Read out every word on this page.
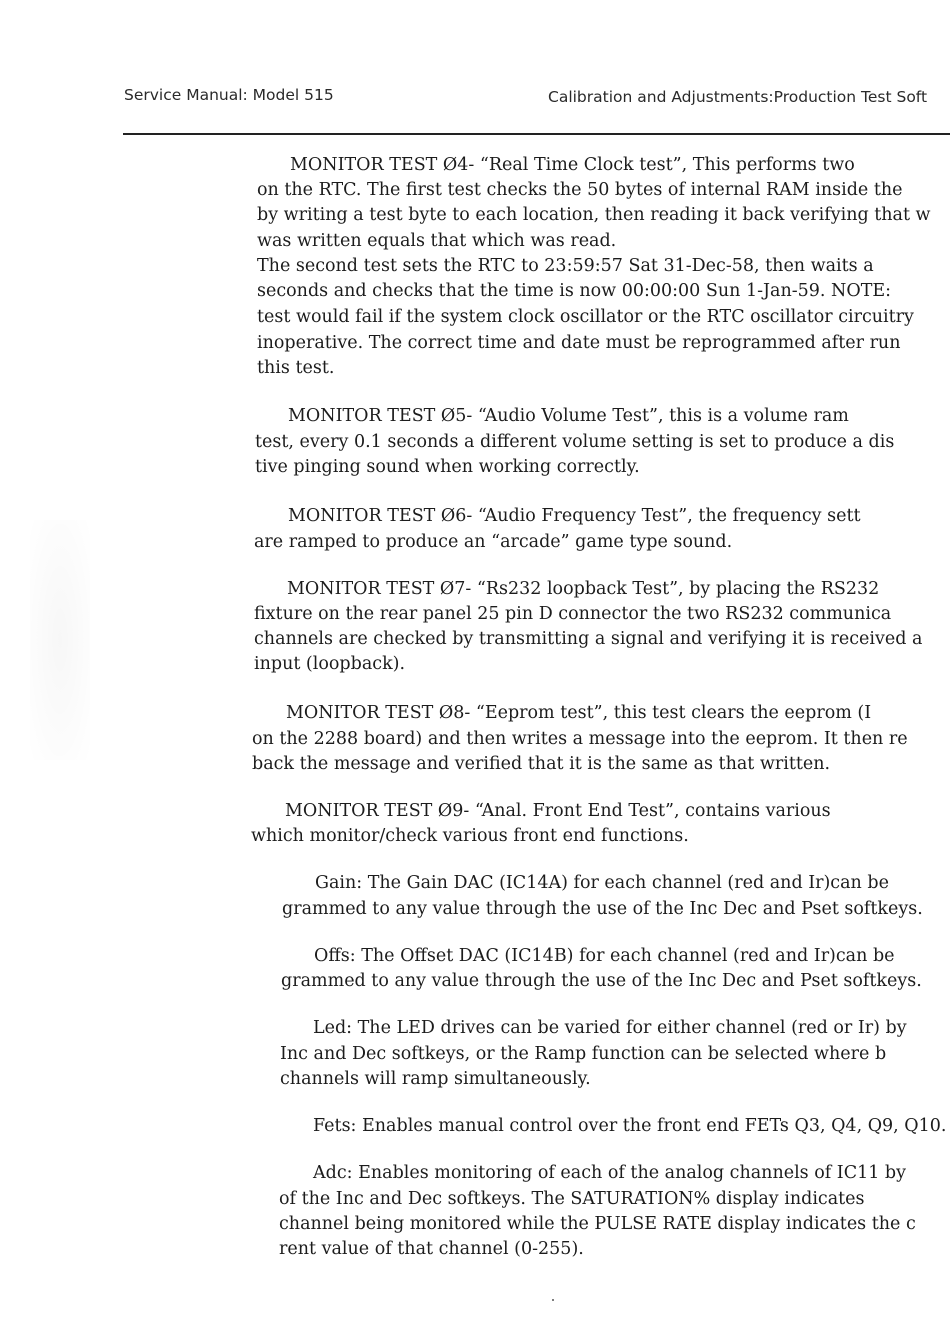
Service Manual: Model 515	Calibration and Adjustments:Production Test Soft
MONITOR TEST Ø4- “Real Time Clock test”, This performs two
on the RTC. The first test checks the 50 bytes of internal RAM inside the
by writing a test byte to each location, then reading it back verifying that w
was written equals that which was read.
The second test sets the RTC to 23:59:57 Sat 31-Dec-58, then waits a
seconds and checks that the time is now 00:00:00 Sun 1-Jan-59. NOTE:
test would fail if the system clock oscillator or the RTC oscillator circuitry
inoperative. The correct time and date must be reprogrammed after run
this test.
MONITOR TEST Ø5- “Audio Volume Test”, this is a volume ram
test, every 0.1 seconds a different volume setting is set to produce a dis
tive pinging sound when working correctly.
MONITOR TEST Ø6- “Audio Frequency Test”, the frequency sett
are ramped to produce an “arcade” game type sound.
MONITOR TEST Ø7- “Rs232 loopback Test”, by placing the RS232
fixture on the rear panel 25 pin D connector the two RS232 communica
channels are checked by transmitting a signal and verifying it is received a
input (loopback).
MONITOR TEST Ø8- “Eeprom test”, this test clears the eeprom (I
on the 2288 board) and then writes a message into the eeprom. It then re
back the message and verified that it is the same as that written.
MONITOR TEST Ø9- “Anal. Front End Test”, contains various
which monitor/check various front end functions.
Gain: The Gain DAC (IC14A) for each channel (red and Ir)can be
grammed to any value through the use of the Inc Dec and Pset softkeys.
Offs: The Offset DAC (IC14B) for each channel (red and Ir)can be
grammed to any value through the use of the Inc Dec and Pset softkeys.
Led: The LED drives can be varied for either channel (red or Ir) by
Inc and Dec softkeys, or the Ramp function can be selected where b
channels will ramp simultaneously.
Fets: Enables manual control over the front end FETs Q3, Q4, Q9, Q10.
Adc: Enables monitoring of each of the analog channels of IC11 by
of the Inc and Dec softkeys. The SATURATION% display indicates
channel being monitored while the PULSE RATE display indicates the c
rent value of that channel (0-255).
